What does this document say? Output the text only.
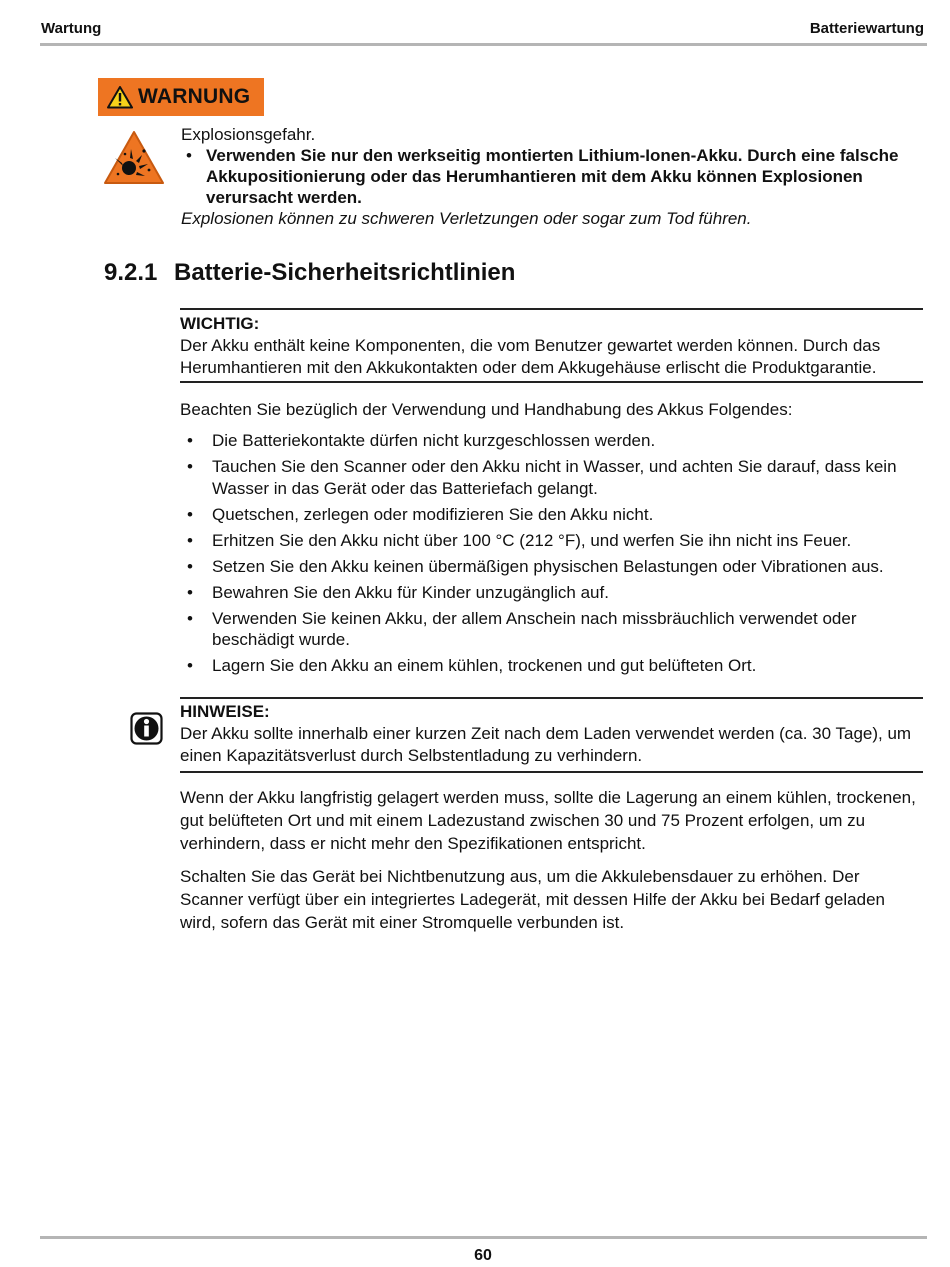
Wartung	Batteriewartung
WARNUNG
Explosionsgefahr.
• Verwenden Sie nur den werkseitig montierten Lithium-Ionen-Akku. Durch eine falsche Akkupositionierung oder das Herumhantieren mit dem Akku können Explosionen verursacht werden.
Explosionen können zu schweren Verletzungen oder sogar zum Tod führen.
9.2.1 Batterie-Sicherheitsrichtlinien
WICHTIG:
Der Akku enthält keine Komponenten, die vom Benutzer gewartet werden können. Durch das Herumhantieren mit den Akkukontakten oder dem Akkugehäuse erlischt die Produktgarantie.
Beachten Sie bezüglich der Verwendung und Handhabung des Akkus Folgendes:
• Die Batteriekontakte dürfen nicht kurzgeschlossen werden.
• Tauchen Sie den Scanner oder den Akku nicht in Wasser, und achten Sie darauf, dass kein Wasser in das Gerät oder das Batteriefach gelangt.
• Quetschen, zerlegen oder modifizieren Sie den Akku nicht.
• Erhitzen Sie den Akku nicht über 100 °C (212 °F), und werfen Sie ihn nicht ins Feuer.
• Setzen Sie den Akku keinen übermäßigen physischen Belastungen oder Vibrationen aus.
• Bewahren Sie den Akku für Kinder unzugänglich auf.
• Verwenden Sie keinen Akku, der allem Anschein nach missbräuchlich verwendet oder beschädigt wurde.
• Lagern Sie den Akku an einem kühlen, trockenen und gut belüfteten Ort.
HINWEISE:
Der Akku sollte innerhalb einer kurzen Zeit nach dem Laden verwendet werden (ca. 30 Tage), um einen Kapazitätsverlust durch Selbstentladung zu verhindern.
Wenn der Akku langfristig gelagert werden muss, sollte die Lagerung an einem kühlen, trockenen, gut belüfteten Ort und mit einem Ladezustand zwischen 30 und 75 Prozent erfolgen, um zu verhindern, dass er nicht mehr den Spezifikationen entspricht.
Schalten Sie das Gerät bei Nichtbenutzung aus, um die Akkulebensdauer zu erhöhen. Der Scanner verfügt über ein integriertes Ladegerät, mit dessen Hilfe der Akku bei Bedarf geladen wird, sofern das Gerät mit einer Stromquelle verbunden ist.
60
